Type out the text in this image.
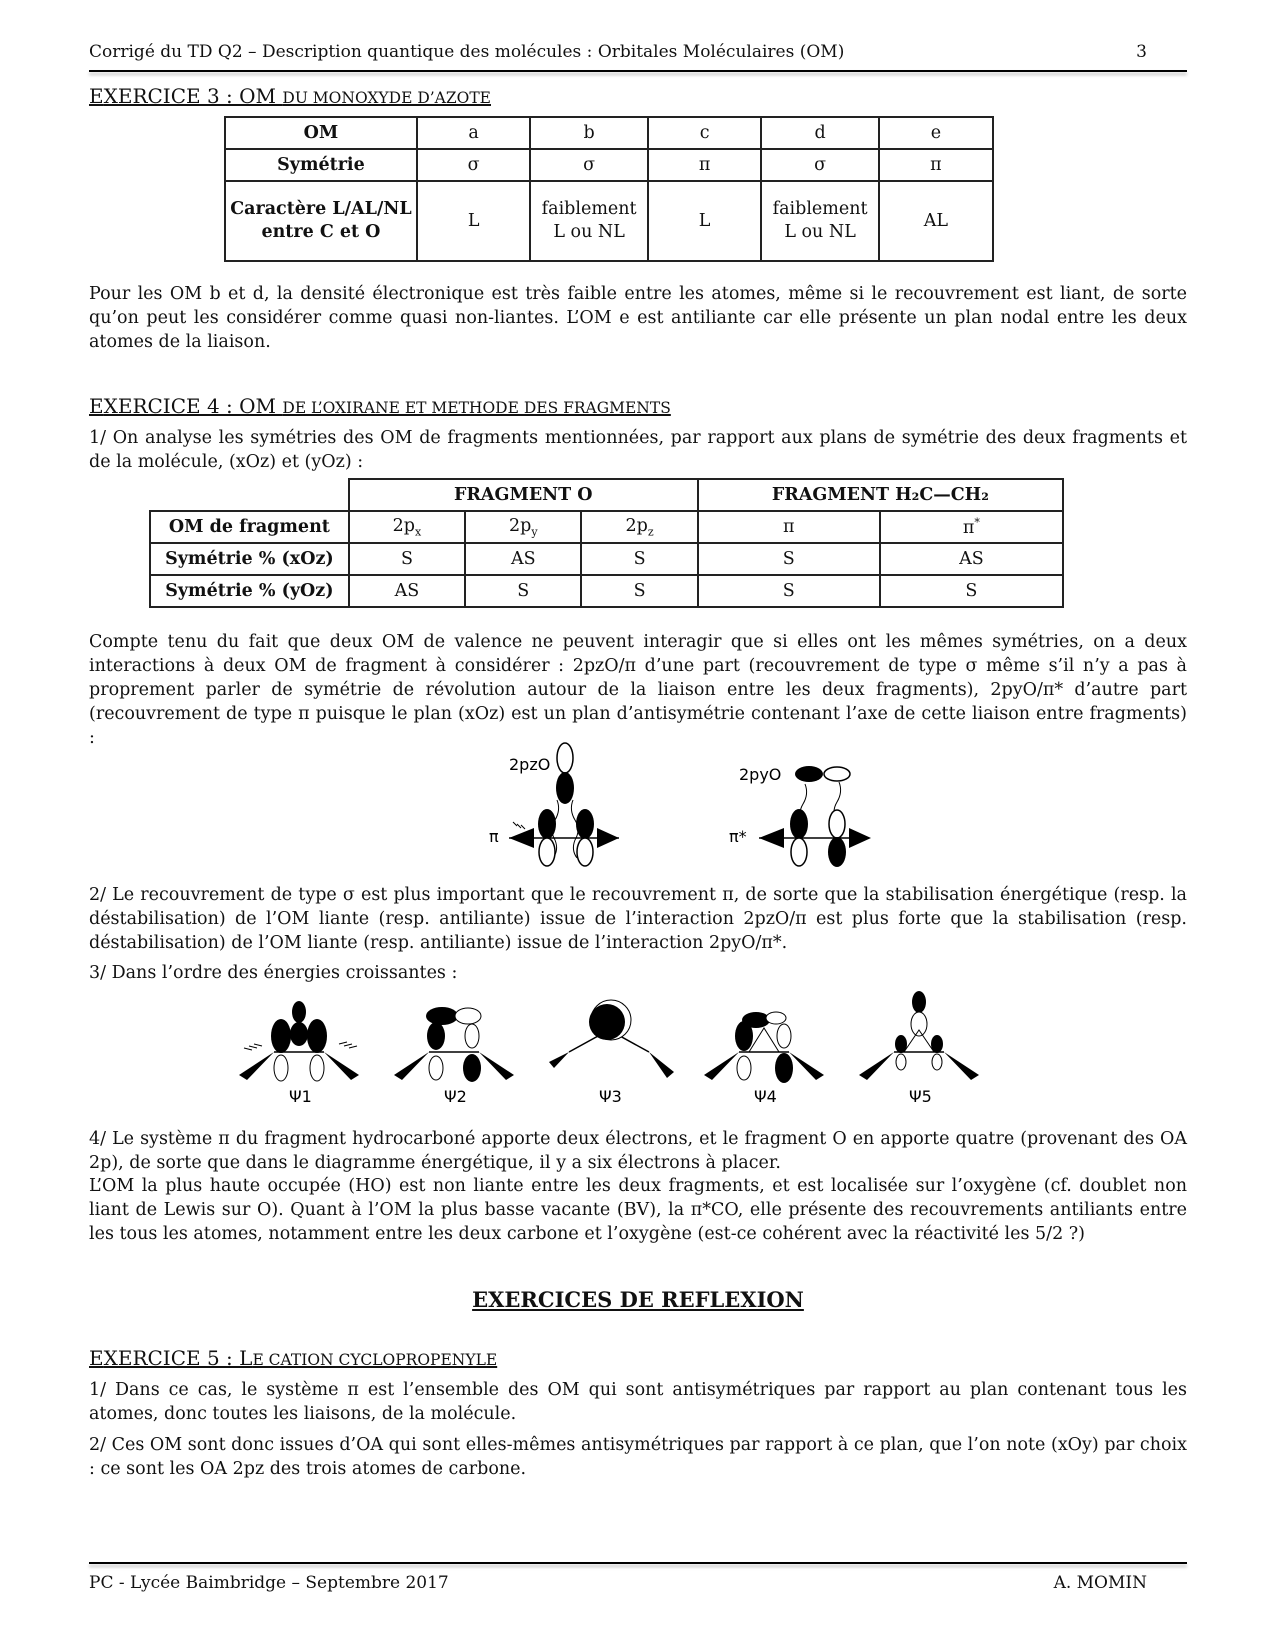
Corrigé du TD Q2 – Description quantique des molécules : Orbitales Moléculaires (OM)	3
EXERCICE 3 : OM DU MONOXYDE D’AZOTE
OM	a	b	c	d	e
Symétrie	σ	σ	π	σ	π
Caractère L/AL/NL entre C et O	L	faiblement L ou NL	L	faiblement L ou NL	AL
Pour les OM b et d, la densité électronique est très faible entre les atomes, même si le recouvrement est liant, de sorte qu’on peut les considérer comme quasi non-liantes. L’OM e est antiliante car elle présente un plan nodal entre les deux atomes de la liaison.
EXERCICE 4 : OM DE L’OXIRANE ET METHODE DES FRAGMENTS
1/ On analyse les symétries des OM de fragments mentionnées, par rapport aux plans de symétrie des deux fragments et de la molécule, (xOz) et (yOz) :
	FRAGMENT O			FRAGMENT H₂C—CH₂	
OM de fragment	$2p_x$	$2p_y$	$2p_z$	π	π*
Symétrie % (xOz)	S	AS	S	S	AS
Symétrie % (yOz)	AS	S	S	S	S
Compte tenu du fait que deux OM de valence ne peuvent interagir que si elles ont les mêmes symétries, on a deux interactions à deux OM de fragment à considérer : 2pzO/π d’une part (recouvrement de type σ même s’il n’y a pas à proprement parler de symétrie de révolution autour de la liaison entre les deux fragments), 2pyO/π* d’autre part (recouvrement de type π puisque le plan (xOz) est un plan d’antisymétrie contenant l’axe de cette liaison entre fragments) :
2pzO
π
2pyO
π*
2/ Le recouvrement de type σ est plus important que le recouvrement π, de sorte que la stabilisation énergétique (resp. la déstabilisation) de l’OM liante (resp. antiliante) issue de l’interaction 2pzO/π est plus forte que la stabilisation (resp. déstabilisation) de l’OM liante (resp. antiliante) issue de l’interaction 2pyO/π*.
3/ Dans l’ordre des énergies croissantes :
Ψ1	Ψ2	Ψ3	Ψ4	Ψ5
4/ Le système π du fragment hydrocarboné apporte deux électrons, et le fragment O en apporte quatre (provenant des OA 2p), de sorte que dans le diagramme énergétique, il y a six électrons à placer.
L’OM la plus haute occupée (HO) est non liante entre les deux fragments, et est localisée sur l’oxygène (cf. doublet non liant de Lewis sur O). Quant à l’OM la plus basse vacante (BV), la π*CO, elle présente des recouvrements antiliants entre les tous les atomes, notamment entre les deux carbone et l’oxygène (est-ce cohérent avec la réactivité les 5/2 ?)
EXERCICES DE REFLEXION
EXERCICE 5 : LE CATION CYCLOPROPENYLE
1/ Dans ce cas, le système π est l’ensemble des OM qui sont antisymétriques par rapport au plan contenant tous les atomes, donc toutes les liaisons, de la molécule.
2/ Ces OM sont donc issues d’OA qui sont elles-mêmes antisymétriques par rapport à ce plan, que l’on note (xOy) par choix : ce sont les OA 2pz des trois atomes de carbone.
PC - Lycée Baimbridge – Septembre 2017	A. MOMIN
